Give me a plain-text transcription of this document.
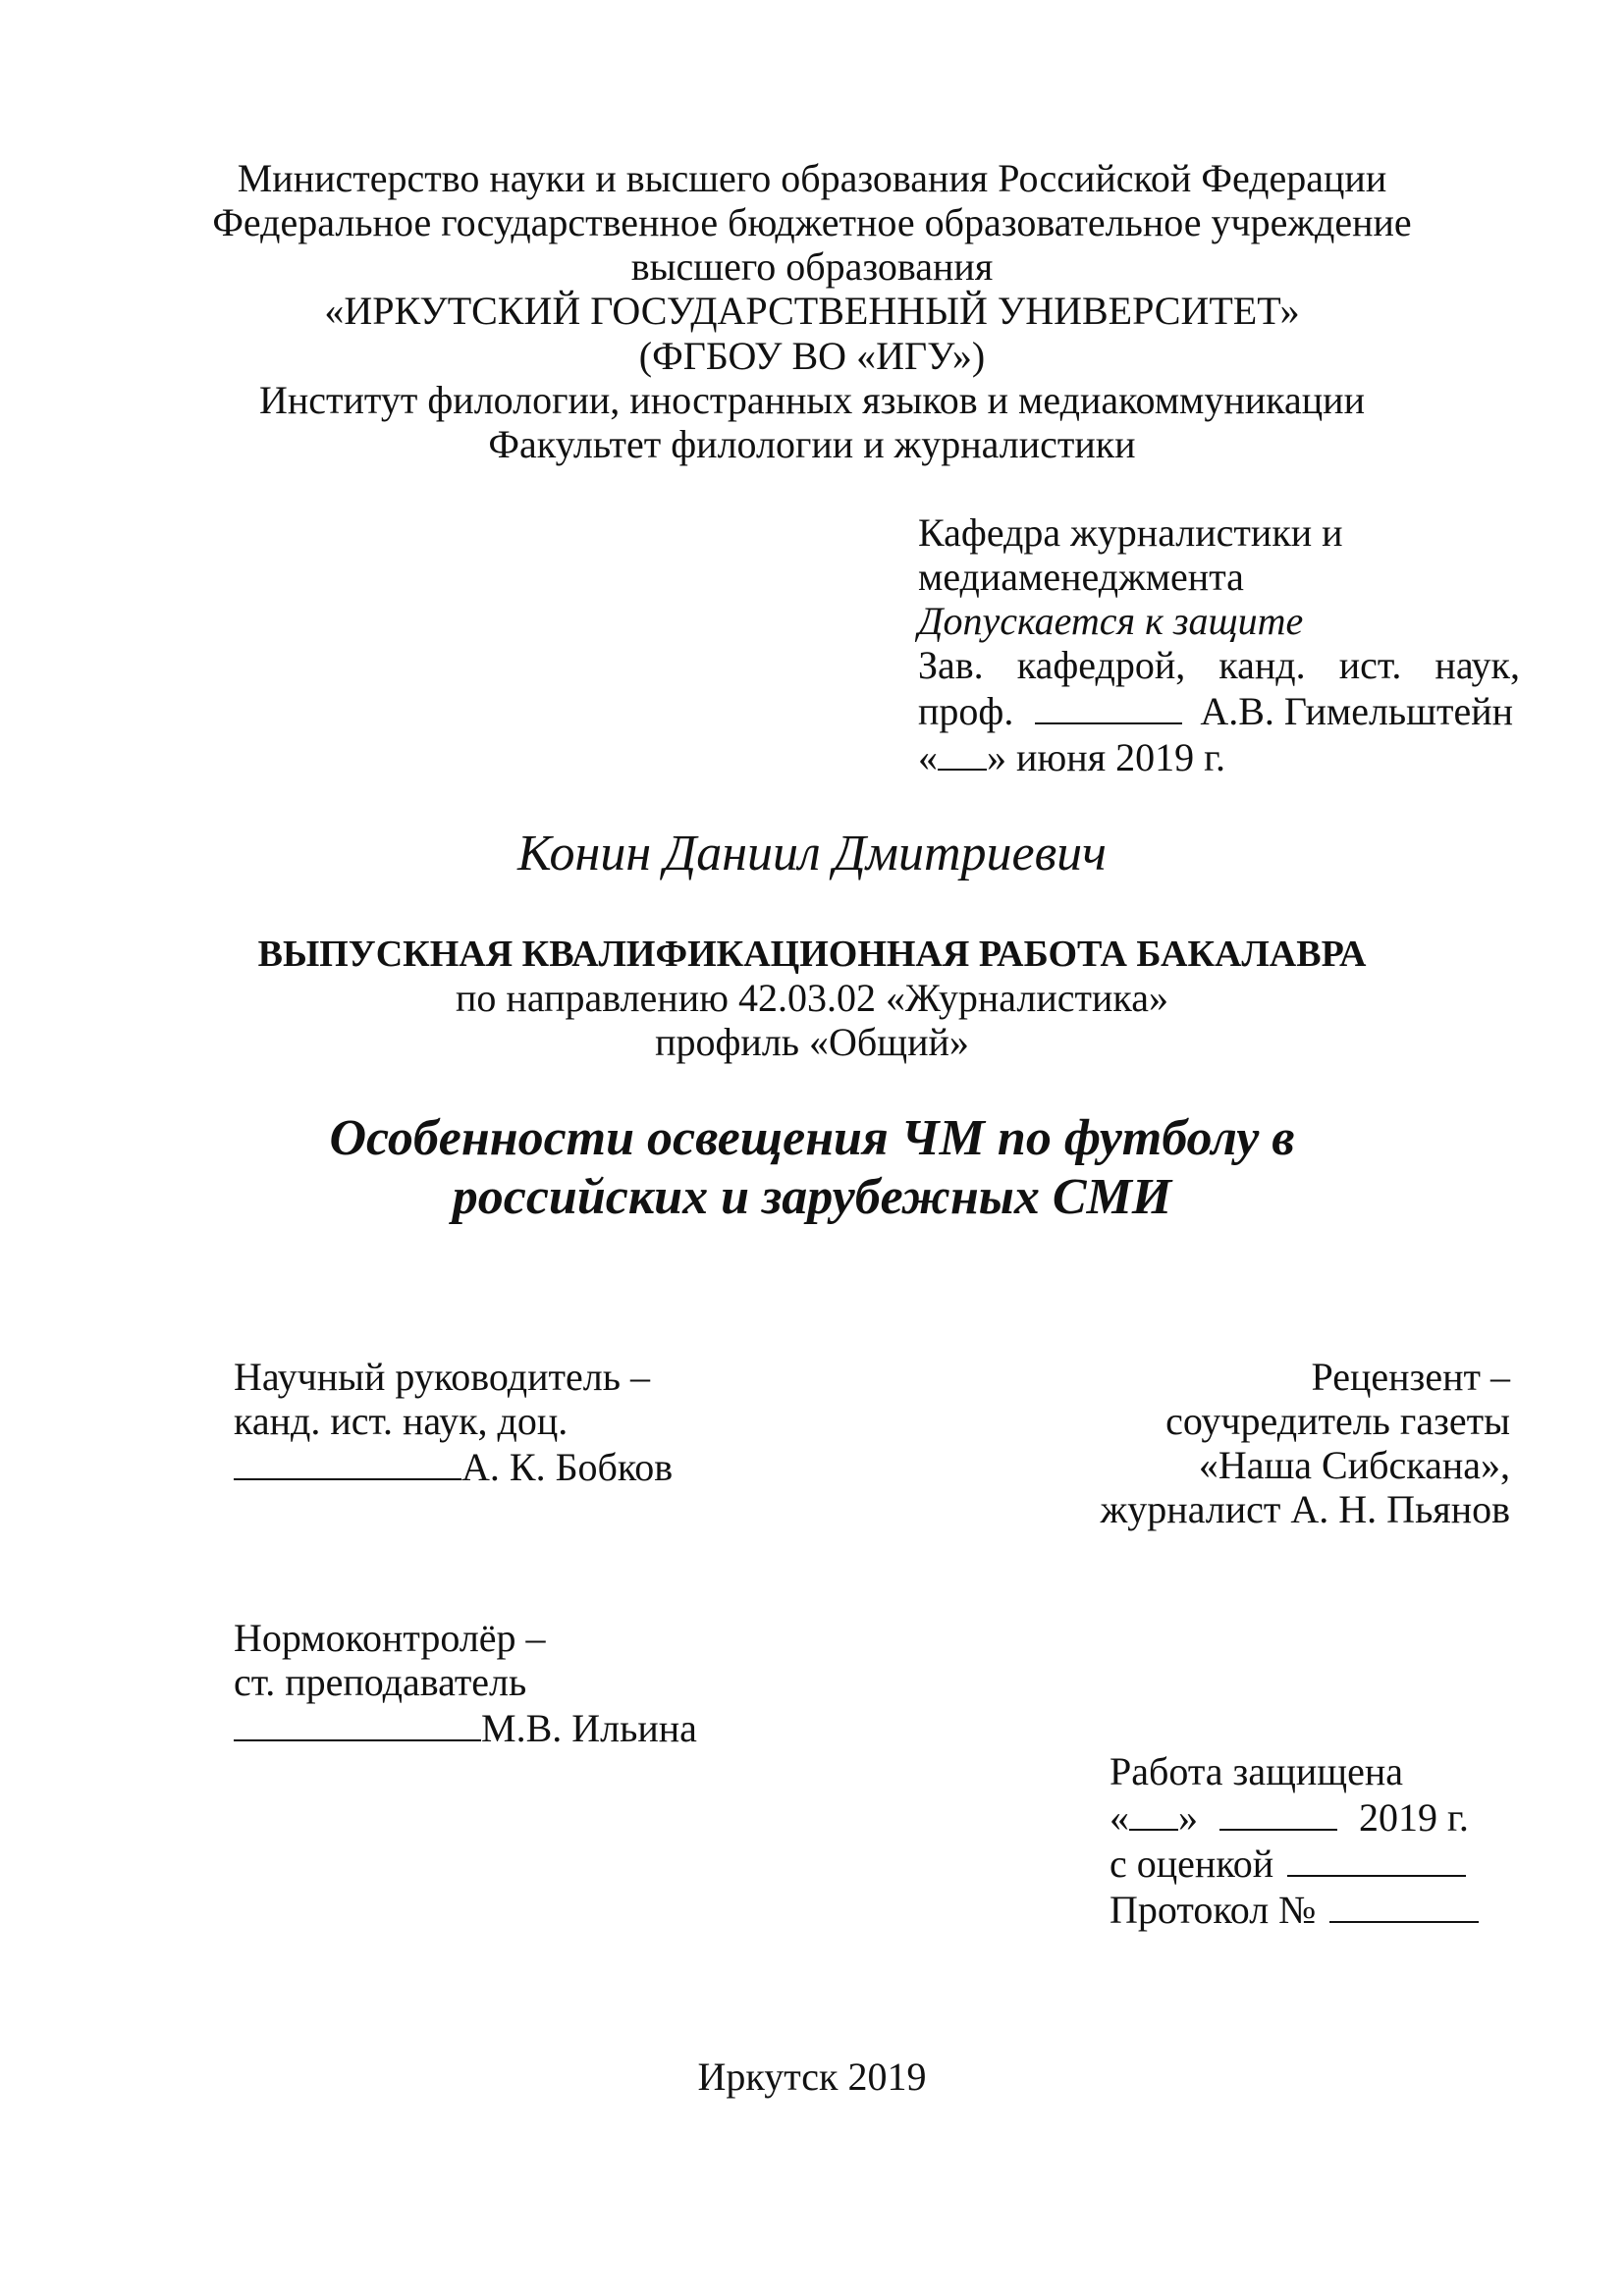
Министерство науки и высшего образования Российской Федерации
Федеральное государственное бюджетное образовательное учреждение
высшего образования
«ИРКУТСКИЙ ГОСУДАРСТВЕННЫЙ УНИВЕРСИТЕТ»
(ФГБОУ ВО «ИГУ»)
Институт филологии, иностранных языков и медиакоммуникации
Факультет филологии и журналистики
Кафедра журналистики и
медиаменеджмента
Допускается к защите
Зав. кафедрой, канд. ист. наук,
проф.	А.В. Гимельштейн
« » июня 2019 г.
Конин Даниил Дмитриевич
ВЫПУСКНАЯ КВАЛИФИКАЦИОННАЯ РАБОТА БАКАЛАВРА
по направлению 42.03.02 «Журналистика»
профиль «Общий»
Особенности освещения ЧМ по футболу в
российских и зарубежных СМИ
Научный руководитель –
канд. ист. наук, доц.
А. К. Бобков
Рецензент –
соучредитель газеты
«Наша Сибскана»,
журналист А. Н. Пьянов
Нормоконтролёр –
ст. преподаватель
М.В. Ильина
Работа защищена
« »	2019 г.
с оценкой
Протокол №
Иркутск 2019
